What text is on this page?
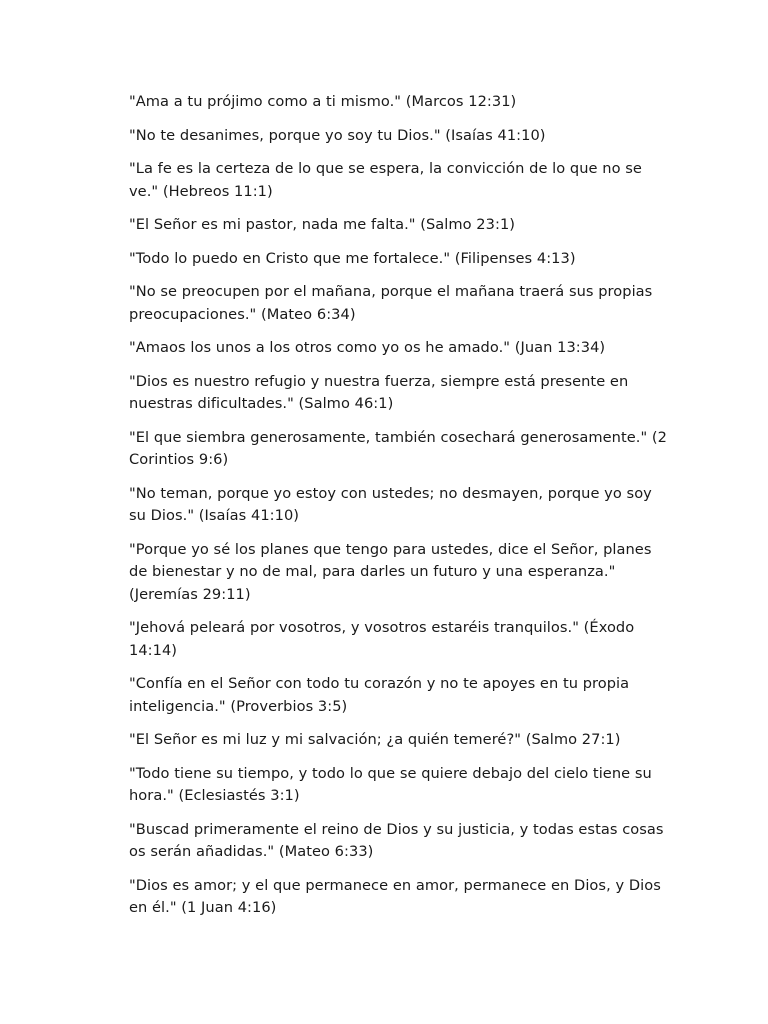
"Ama a tu prójimo como a ti mismo." (Marcos 12:31)
"No te desanimes, porque yo soy tu Dios." (Isaías 41:10)
"La fe es la certeza de lo que se espera, la convicción de lo que no se ve." (Hebreos 11:1)
"El Señor es mi pastor, nada me falta." (Salmo 23:1)
"Todo lo puedo en Cristo que me fortalece." (Filipenses 4:13)
"No se preocupen por el mañana, porque el mañana traerá sus propias preocupaciones." (Mateo 6:34)
"Amaos los unos a los otros como yo os he amado." (Juan 13:34)
"Dios es nuestro refugio y nuestra fuerza, siempre está presente en nuestras dificultades." (Salmo 46:1)
"El que siembra generosamente, también cosechará generosamente." (2 Corintios 9:6)
"No teman, porque yo estoy con ustedes; no desmayen, porque yo soy su Dios." (Isaías 41:10)
"Porque yo sé los planes que tengo para ustedes, dice el Señor, planes de bienestar y no de mal, para darles un futuro y una esperanza." (Jeremías 29:11)
"Jehová peleará por vosotros, y vosotros estaréis tranquilos." (Éxodo 14:14)
"Confía en el Señor con todo tu corazón y no te apoyes en tu propia inteligencia." (Proverbios 3:5)
"El Señor es mi luz y mi salvación; ¿a quién temeré?" (Salmo 27:1)
"Todo tiene su tiempo, y todo lo que se quiere debajo del cielo tiene su hora." (Eclesiastés 3:1)
"Buscad primeramente el reino de Dios y su justicia, y todas estas cosas os serán añadidas." (Mateo 6:33)
"Dios es amor; y el que permanece en amor, permanece en Dios, y Dios en él." (1 Juan 4:16)
